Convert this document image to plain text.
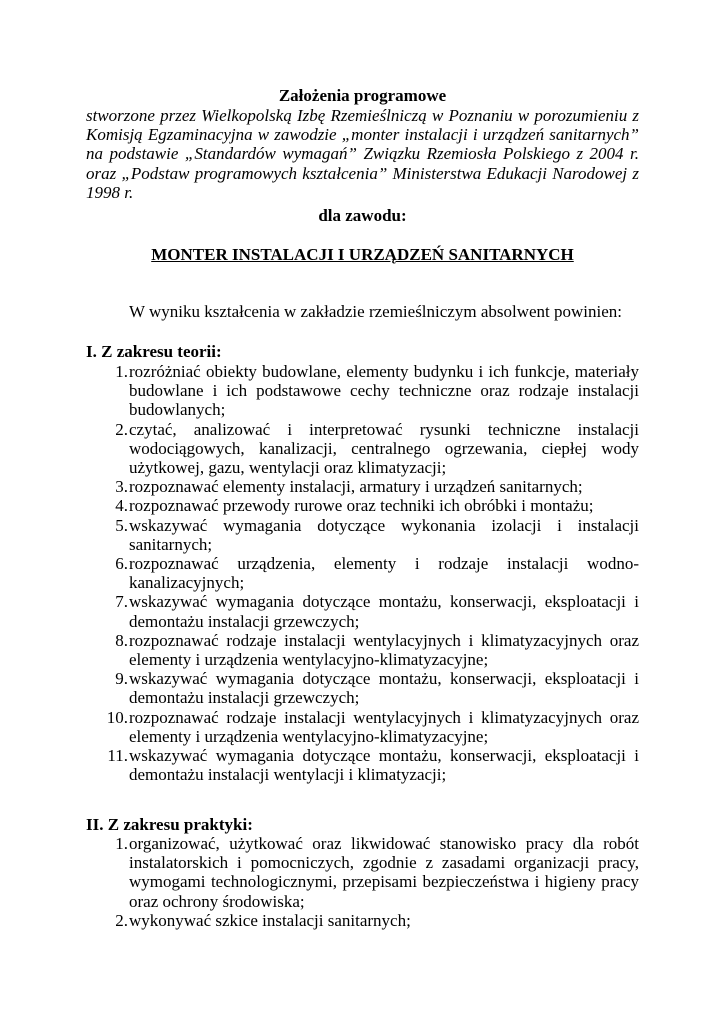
Założenia programowe
stworzone przez Wielkopolską Izbę Rzemieślniczą w Poznaniu w porozumieniu z Komisją Egzaminacyjna w zawodzie „monter instalacji i urządzeń sanitarnych” na podstawie „Standardów wymagań” Związku Rzemiosła Polskiego z 2004 r. oraz „Podstaw programowych kształcenia” Ministerstwa Edukacji Narodowej z 1998 r.
dla zawodu:
MONTER INSTALACJI I URZĄDZEŃ SANITARNYCH
W wyniku kształcenia w zakładzie rzemieślniczym absolwent powinien:
I. Z zakresu teorii:
1. rozróżniać obiekty budowlane, elementy budynku i ich funkcje, materiały budowlane i ich podstawowe cechy techniczne oraz rodzaje instalacji budowlanych;
2. czytać, analizować i interpretować rysunki techniczne instalacji wodociągowych, kanalizacji, centralnego ogrzewania, ciepłej wody użytkowej, gazu, wentylacji oraz klimatyzacji;
3. rozpoznawać elementy instalacji, armatury i urządzeń sanitarnych;
4. rozpoznawać przewody rurowe oraz techniki ich obróbki i montażu;
5. wskazywać wymagania dotyczące wykonania izolacji i instalacji sanitarnych;
6. rozpoznawać urządzenia, elementy i rodzaje instalacji wodno-kanalizacyjnych;
7. wskazywać wymagania dotyczące montażu, konserwacji, eksploatacji i demontażu instalacji grzewczych;
8. rozpoznawać rodzaje instalacji wentylacyjnych i klimatyzacyjnych oraz elementy i urządzenia wentylacyjno-klimatyzacyjne;
9. wskazywać wymagania dotyczące montażu, konserwacji, eksploatacji i demontażu instalacji grzewczych;
10. rozpoznawać rodzaje instalacji wentylacyjnych i klimatyzacyjnych oraz elementy i urządzenia wentylacyjno-klimatyzacyjne;
11. wskazywać wymagania dotyczące montażu, konserwacji, eksploatacji i demontażu instalacji wentylacji i klimatyzacji;
II. Z zakresu praktyki:
1. organizować, użytkować oraz likwidować stanowisko pracy dla robót instalatorskich i pomocniczych, zgodnie z zasadami organizacji pracy, wymogami technologicznymi, przepisami bezpieczeństwa i higieny pracy oraz ochrony środowiska;
2. wykonywać szkice instalacji sanitarnych;
